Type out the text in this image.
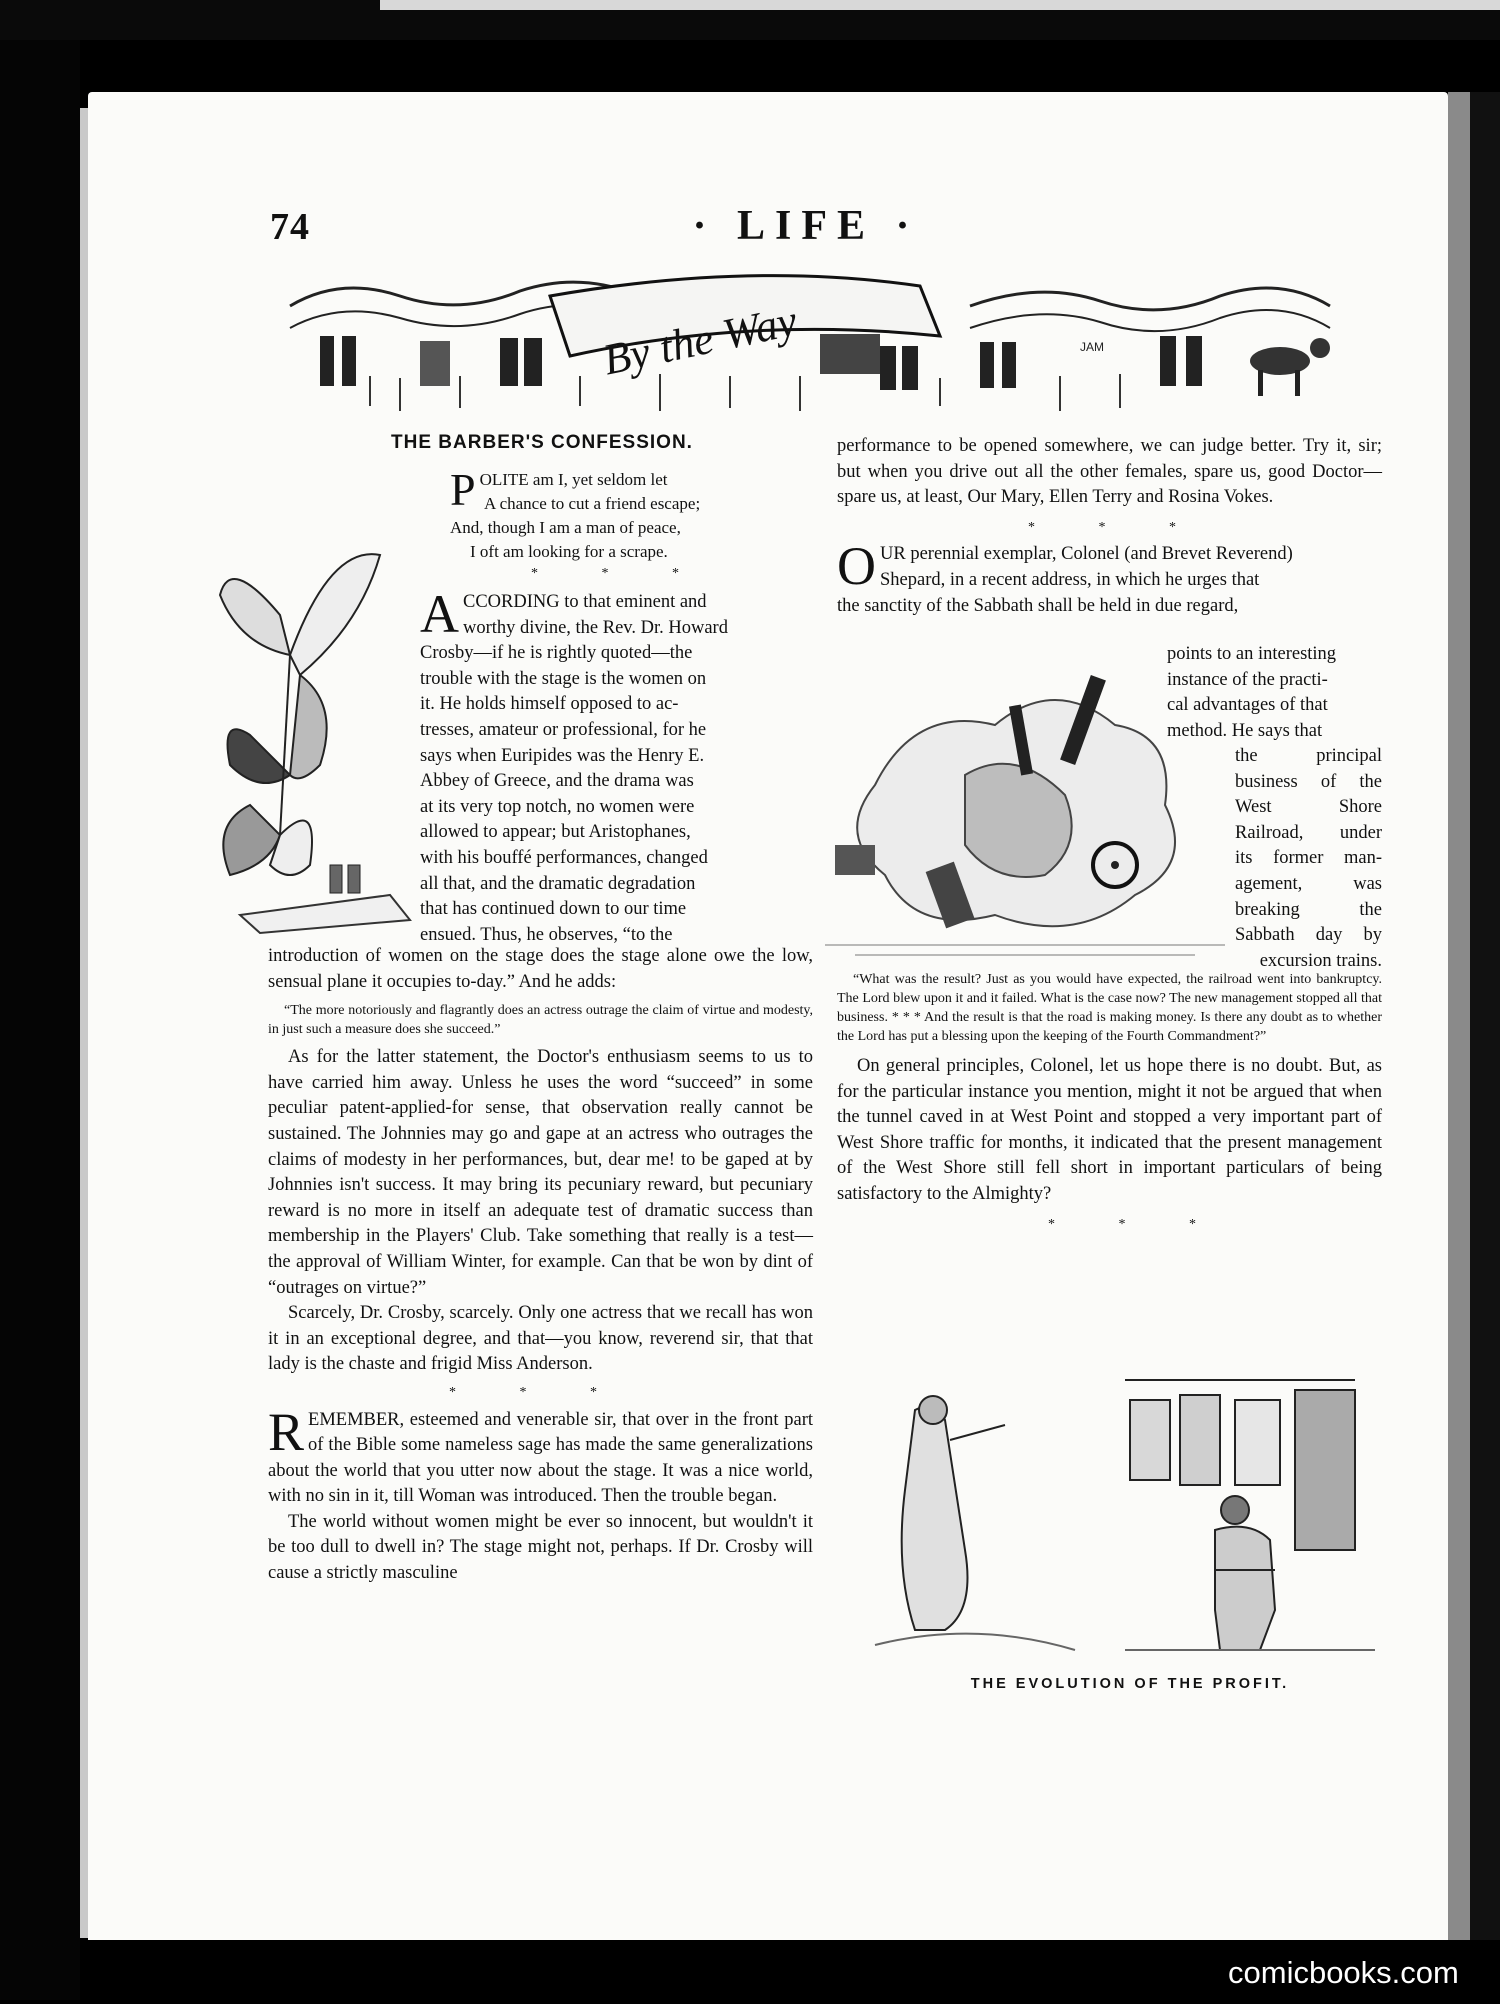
74	· LIFE ·
By the Way	JAM
THE BARBER'S CONFESSION.
P OLITE am I, yet seldom let
A chance to cut a friend escape;
And, though I am a man of peace,
I oft am looking for a scrape.
* * *
A CCORDING to that eminent and
worthy divine, the Rev. Dr. Howard
Crosby—if he is rightly quoted—the
trouble with the stage is the women on
it. He holds himself opposed to ac-
tresses, amateur or professional, for he
says when Euripides was the Henry E.
Abbey of Greece, and the drama was
at its very top notch, no women were
allowed to appear; but Aristophanes,
with his bouffé performances, changed
all that, and the dramatic degradation
that has continued down to our time
ensued. Thus, he observes, “to the

introduction of women on the stage does the stage alone owe the low, sensual plane it occupies to-day.” And he adds:

“The more notoriously and flagrantly does an actress outrage the claim of virtue and modesty, in just such a measure does she succeed.”

As for the latter statement, the Doctor's enthusiasm seems to us to have carried him away. Unless he uses the word “succeed” in some peculiar patent-applied-for sense, that observation really cannot be sustained. The Johnnies may go and gape at an actress who outrages the claims of modesty in her performances, but, dear me! to be gaped at by Johnnies isn't success. It may bring its pecuniary reward, but pecuniary reward is no more in itself an adequate test of dramatic success than membership in the Players' Club. Take something that really is a test—the approval of William Winter, for example. Can that be won by dint of “outrages on virtue?”

Scarcely, Dr. Crosby, scarcely. Only one actress that we recall has won it in an exceptional degree, and that—you know, reverend sir, that that lady is the chaste and frigid Miss Anderson.

* * *

R EMEMBER, esteemed and venerable sir, that over in the front part of the Bible some nameless sage has made the same generalizations about the world that you utter now about the stage. It was a nice world, with no sin in it, till Woman was introduced. Then the trouble began.

The world without women might be ever so innocent, but wouldn't it be too dull to dwell in? The stage might not, perhaps. If Dr. Crosby will cause a strictly masculine

performance to be opened somewhere, we can judge better. Try it, sir; but when you drive out all the other females, spare us, good Doctor—spare us, at least, Our Mary, Ellen Terry and Rosina Vokes.

* * *
O UR perennial exemplar, Colonel (and Brevet Reverend)
Shepard, in a recent address, in which he urges that
the sanctity of the Sabbath shall be held in due regard,
points to an interesting
instance of the practi-
cal advantages of that
method. He says that
the principal
business of the
West Shore
Railroad, under
its former man-
agement, was
breaking the
Sabbath day by
excursion trains.

“What was the result? Just as you would have expected, the railroad went into bankruptcy. The Lord blew upon it and it failed. What is the case now? The new management stopped all that business. * * * And the result is that the road is making money. Is there any doubt as to whether the Lord has put a blessing upon the keeping of the Fourth Commandment?”

On general principles, Colonel, let us hope there is no doubt. But, as for the particular instance you mention, might it not be argued that when the tunnel caved in at West Point and stopped a very important part of West Shore traffic for months, it indicated that the present management of the West Shore still fell short in important particulars of being satisfactory to the Almighty?

* * *
THE EVOLUTION OF THE PROFIT.
comicbooks.com
